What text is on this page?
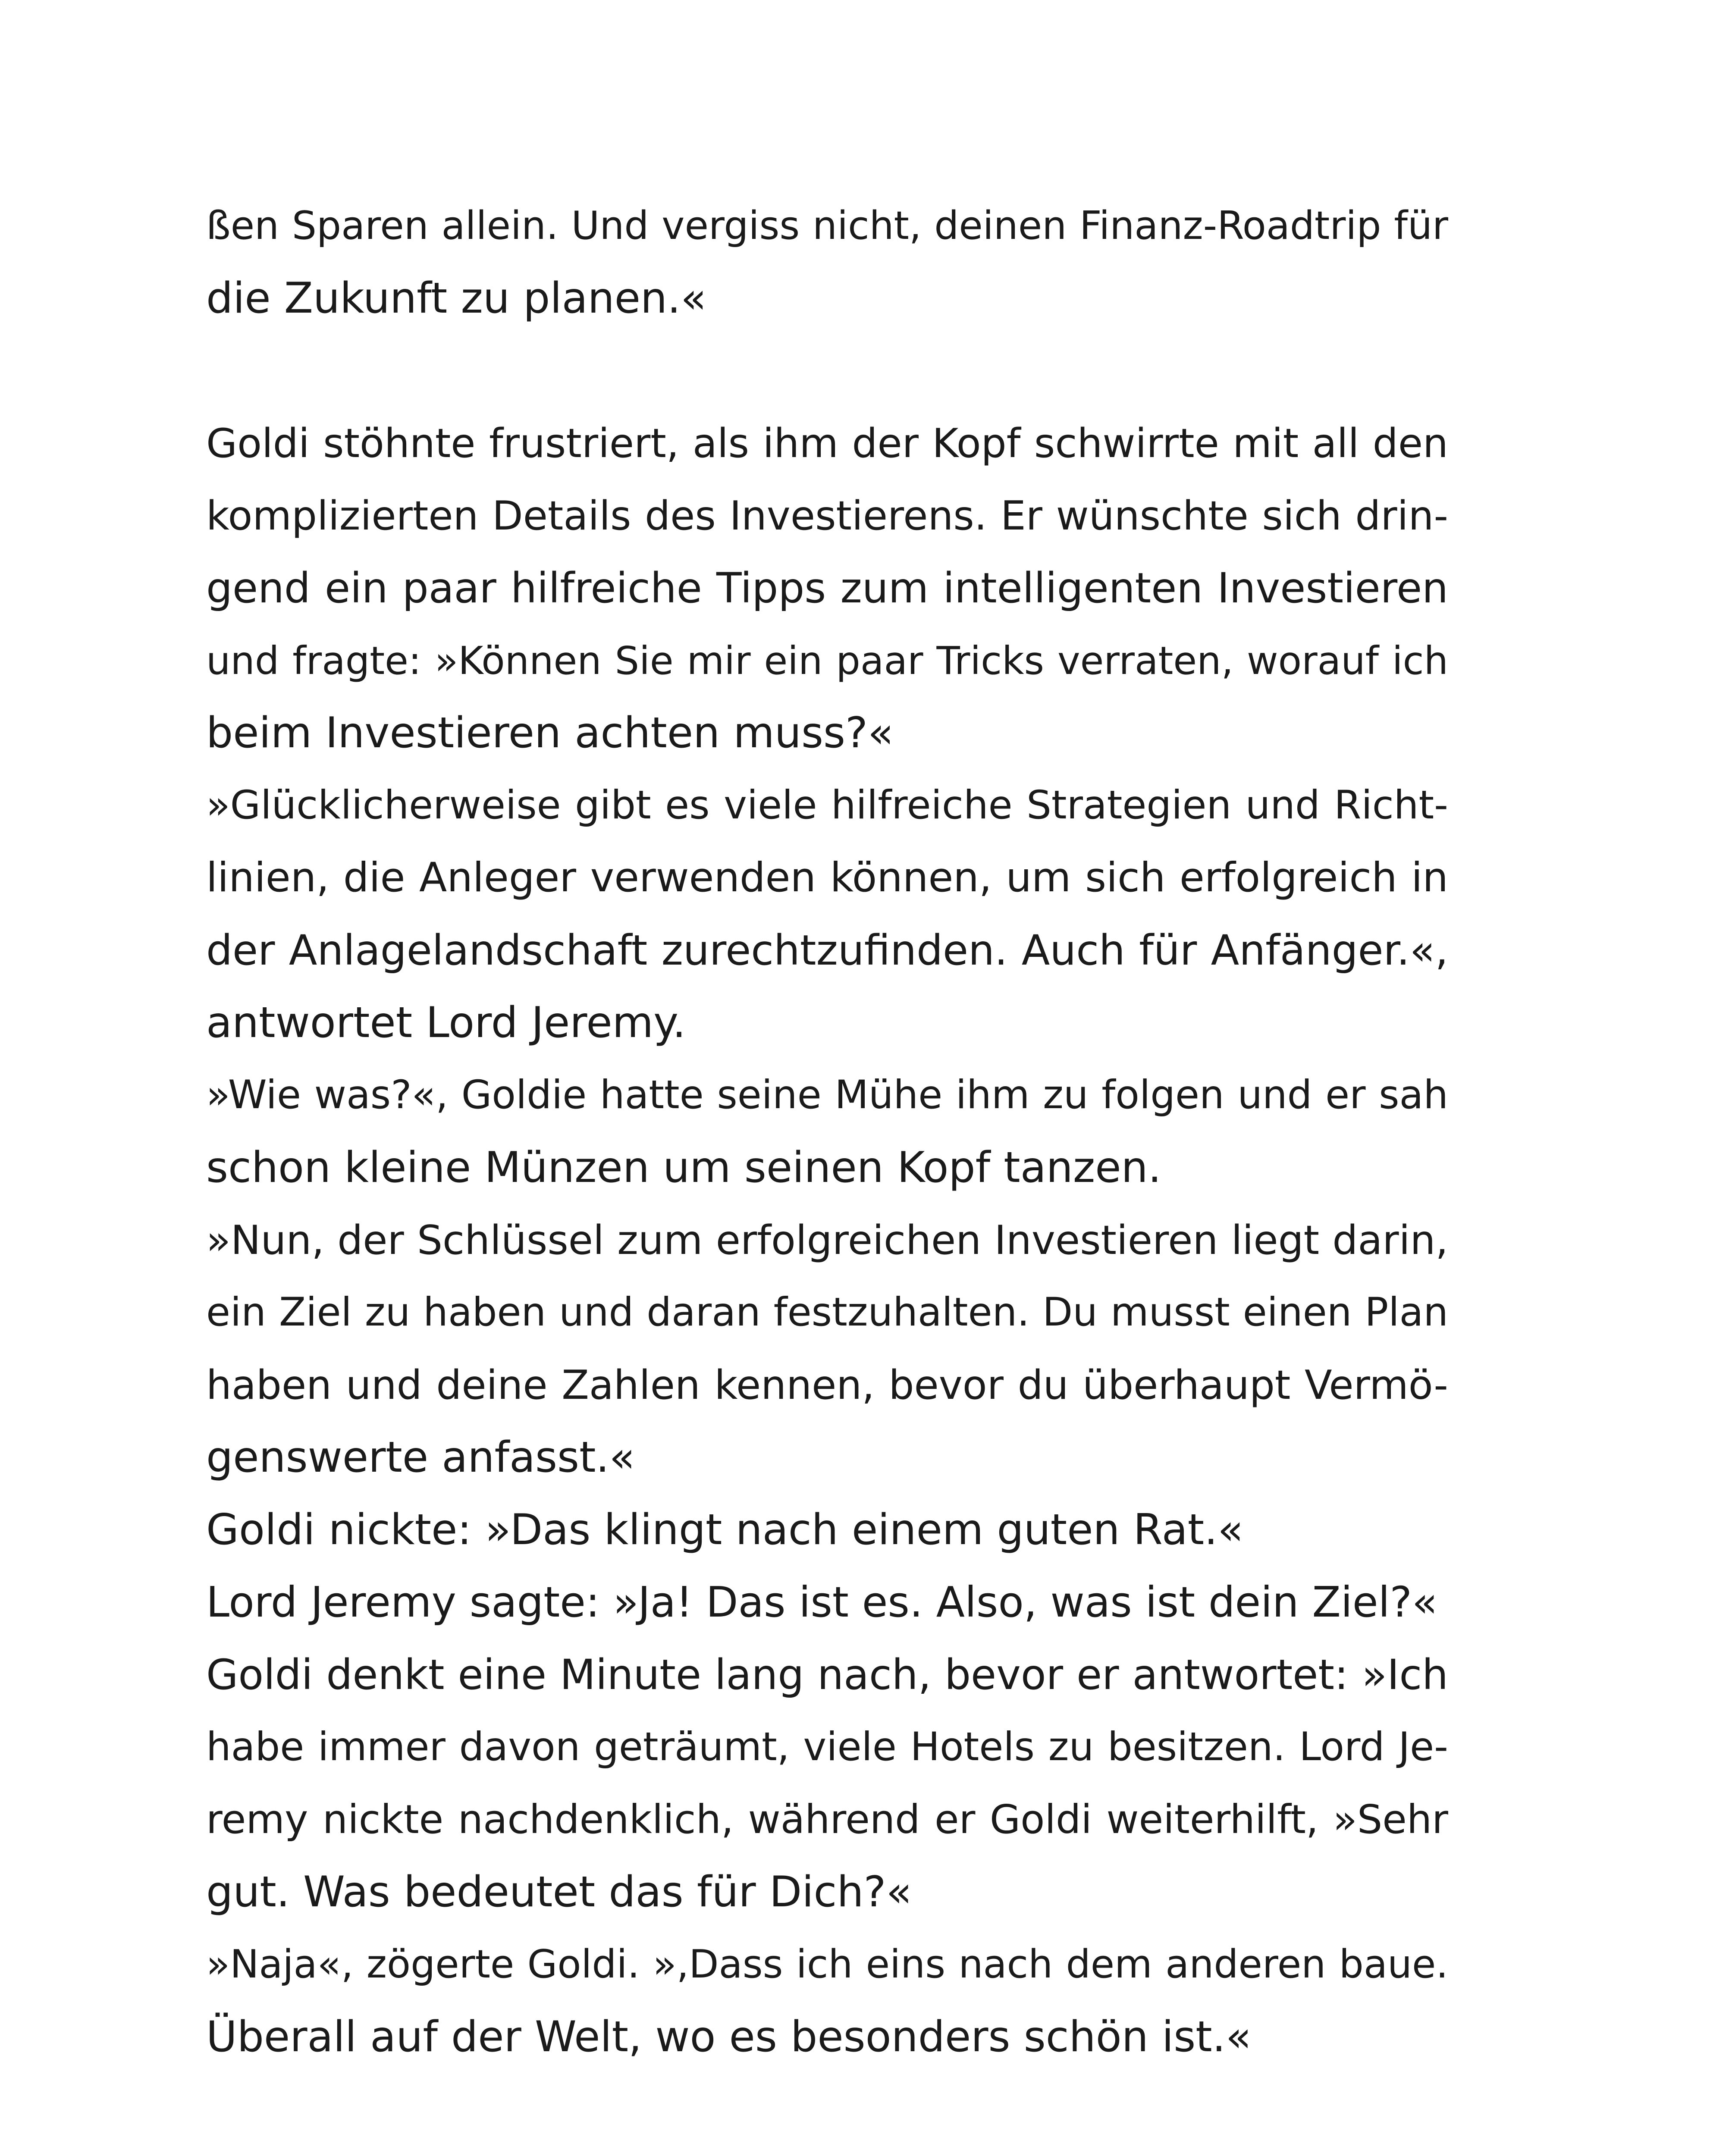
ßen Sparen allein. Und vergiss nicht, deinen Finanz-Roadtrip für
die Zukunft zu planen.«
Goldi stöhnte frustriert, als ihm der Kopf schwirrte mit all den
komplizierten Details des Investierens. Er wünschte sich drin-
gend ein paar hilfreiche Tipps zum intelligenten Investieren
und fragte: »Können Sie mir ein paar Tricks verraten, worauf ich
beim Investieren achten muss?«
»Glücklicherweise gibt es viele hilfreiche Strategien und Richt-
linien, die Anleger verwenden können, um sich erfolgreich in
der Anlagelandschaft zurechtzufinden. Auch für Anfänger.«,
antwortet Lord Jeremy.
»Wie was?«, Goldie hatte seine Mühe ihm zu folgen und er sah
schon kleine Münzen um seinen Kopf tanzen.
»Nun, der Schlüssel zum erfolgreichen Investieren liegt darin,
ein Ziel zu haben und daran festzuhalten. Du musst einen Plan
haben und deine Zahlen kennen, bevor du überhaupt Vermö-
genswerte anfasst.«
Goldi nickte: »Das klingt nach einem guten Rat.«
Lord Jeremy sagte: »Ja! Das ist es. Also, was ist dein Ziel?«
Goldi denkt eine Minute lang nach, bevor er antwortet: »Ich
habe immer davon geträumt, viele Hotels zu besitzen. Lord Je-
remy nickte nachdenklich, während er Goldi weiterhilft, »Sehr
gut. Was bedeutet das für Dich?«
»Naja«, zögerte Goldi. »,Dass ich eins nach dem anderen baue.
Überall auf der Welt, wo es besonders schön ist.«
